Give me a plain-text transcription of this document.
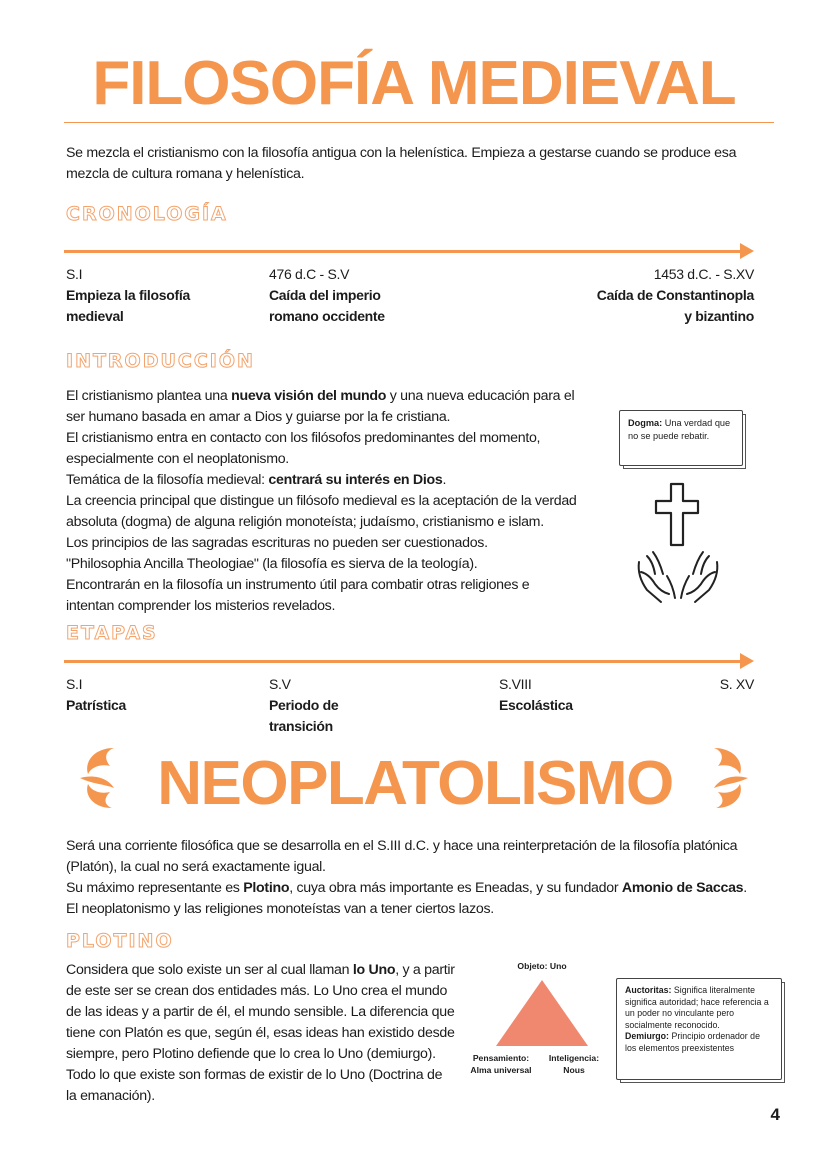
FILOSOFÍA MEDIEVAL
Se mezcla el cristianismo con la filosofía antigua con la helenística. Empieza a gestarse cuando se produce esa mezcla de cultura romana y helenística.
CRONOLOGÍA
S.I
Empieza la filosofía
medieval
476 d.C - S.V
Caída del imperio
romano occidente
1453 d.C. - S.XV
Caída de Constantinopla
y bizantino
INTRODUCCIÓN

El cristianismo plantea una nueva visión del mundo y una nueva educación para el

ser humano basada en amar a Dios y guiarse por la fe cristiana.

El cristianismo entra en contacto con los filósofos predominantes del momento,

especialmente con el neoplatonismo.

Temática de la filosofía medieval: centrará su interés en Dios.

La creencia principal que distingue un filósofo medieval es la aceptación de la verdad

absoluta (dogma) de alguna religión monoteísta; judaísmo, cristianismo e islam.

Los principios de las sagradas escrituras no pueden ser cuestionados.

"Philosophia Ancilla Theologiae" (la filosofía es sierva de la teología).

Encontrarán en la filosofía un instrumento útil para combatir otras religiones e

intentan comprender los misterios revelados.

Dogma: Una verdad que no se puede rebatir.
ETAPAS
S.I
Patrística
S.V
Periodo de
transición
S.VIII
Escolástica
S. XV
NEOPLATOLISMO

Será una corriente filosófica que se desarrolla en el S.III d.C. y hace una reinterpretación de la filosofía platónica (Platón), la cual no será exactamente igual.

Su máximo representante es Plotino, cuya obra más importante es Eneadas, y su fundador Amonio de Saccas.

El neoplatonismo y las religiones monoteístas van a tener ciertos lazos.

PLOTINO

Considera que solo existe un ser al cual llaman lo Uno, y a partir

de este ser se crean dos entidades más. Lo Uno crea el mundo

de las ideas y a partir de él, el mundo sensible. La diferencia que

tiene con Platón es que, según él, esas ideas han existido desde

siempre, pero Plotino defiende que lo crea lo Uno (demiurgo).

Todo lo que existe son formas de existir de lo Uno (Doctrina de

la emanación).

Objeto: Uno
Pensamiento:
Alma universal
Inteligencia:
Nous
Auctoritas: Significa literalmente significa autoridad; hace referencia a un poder no vinculante pero socialmente reconocido.
Demiurgo: Principio ordenador de los elementos preexistentes
4
